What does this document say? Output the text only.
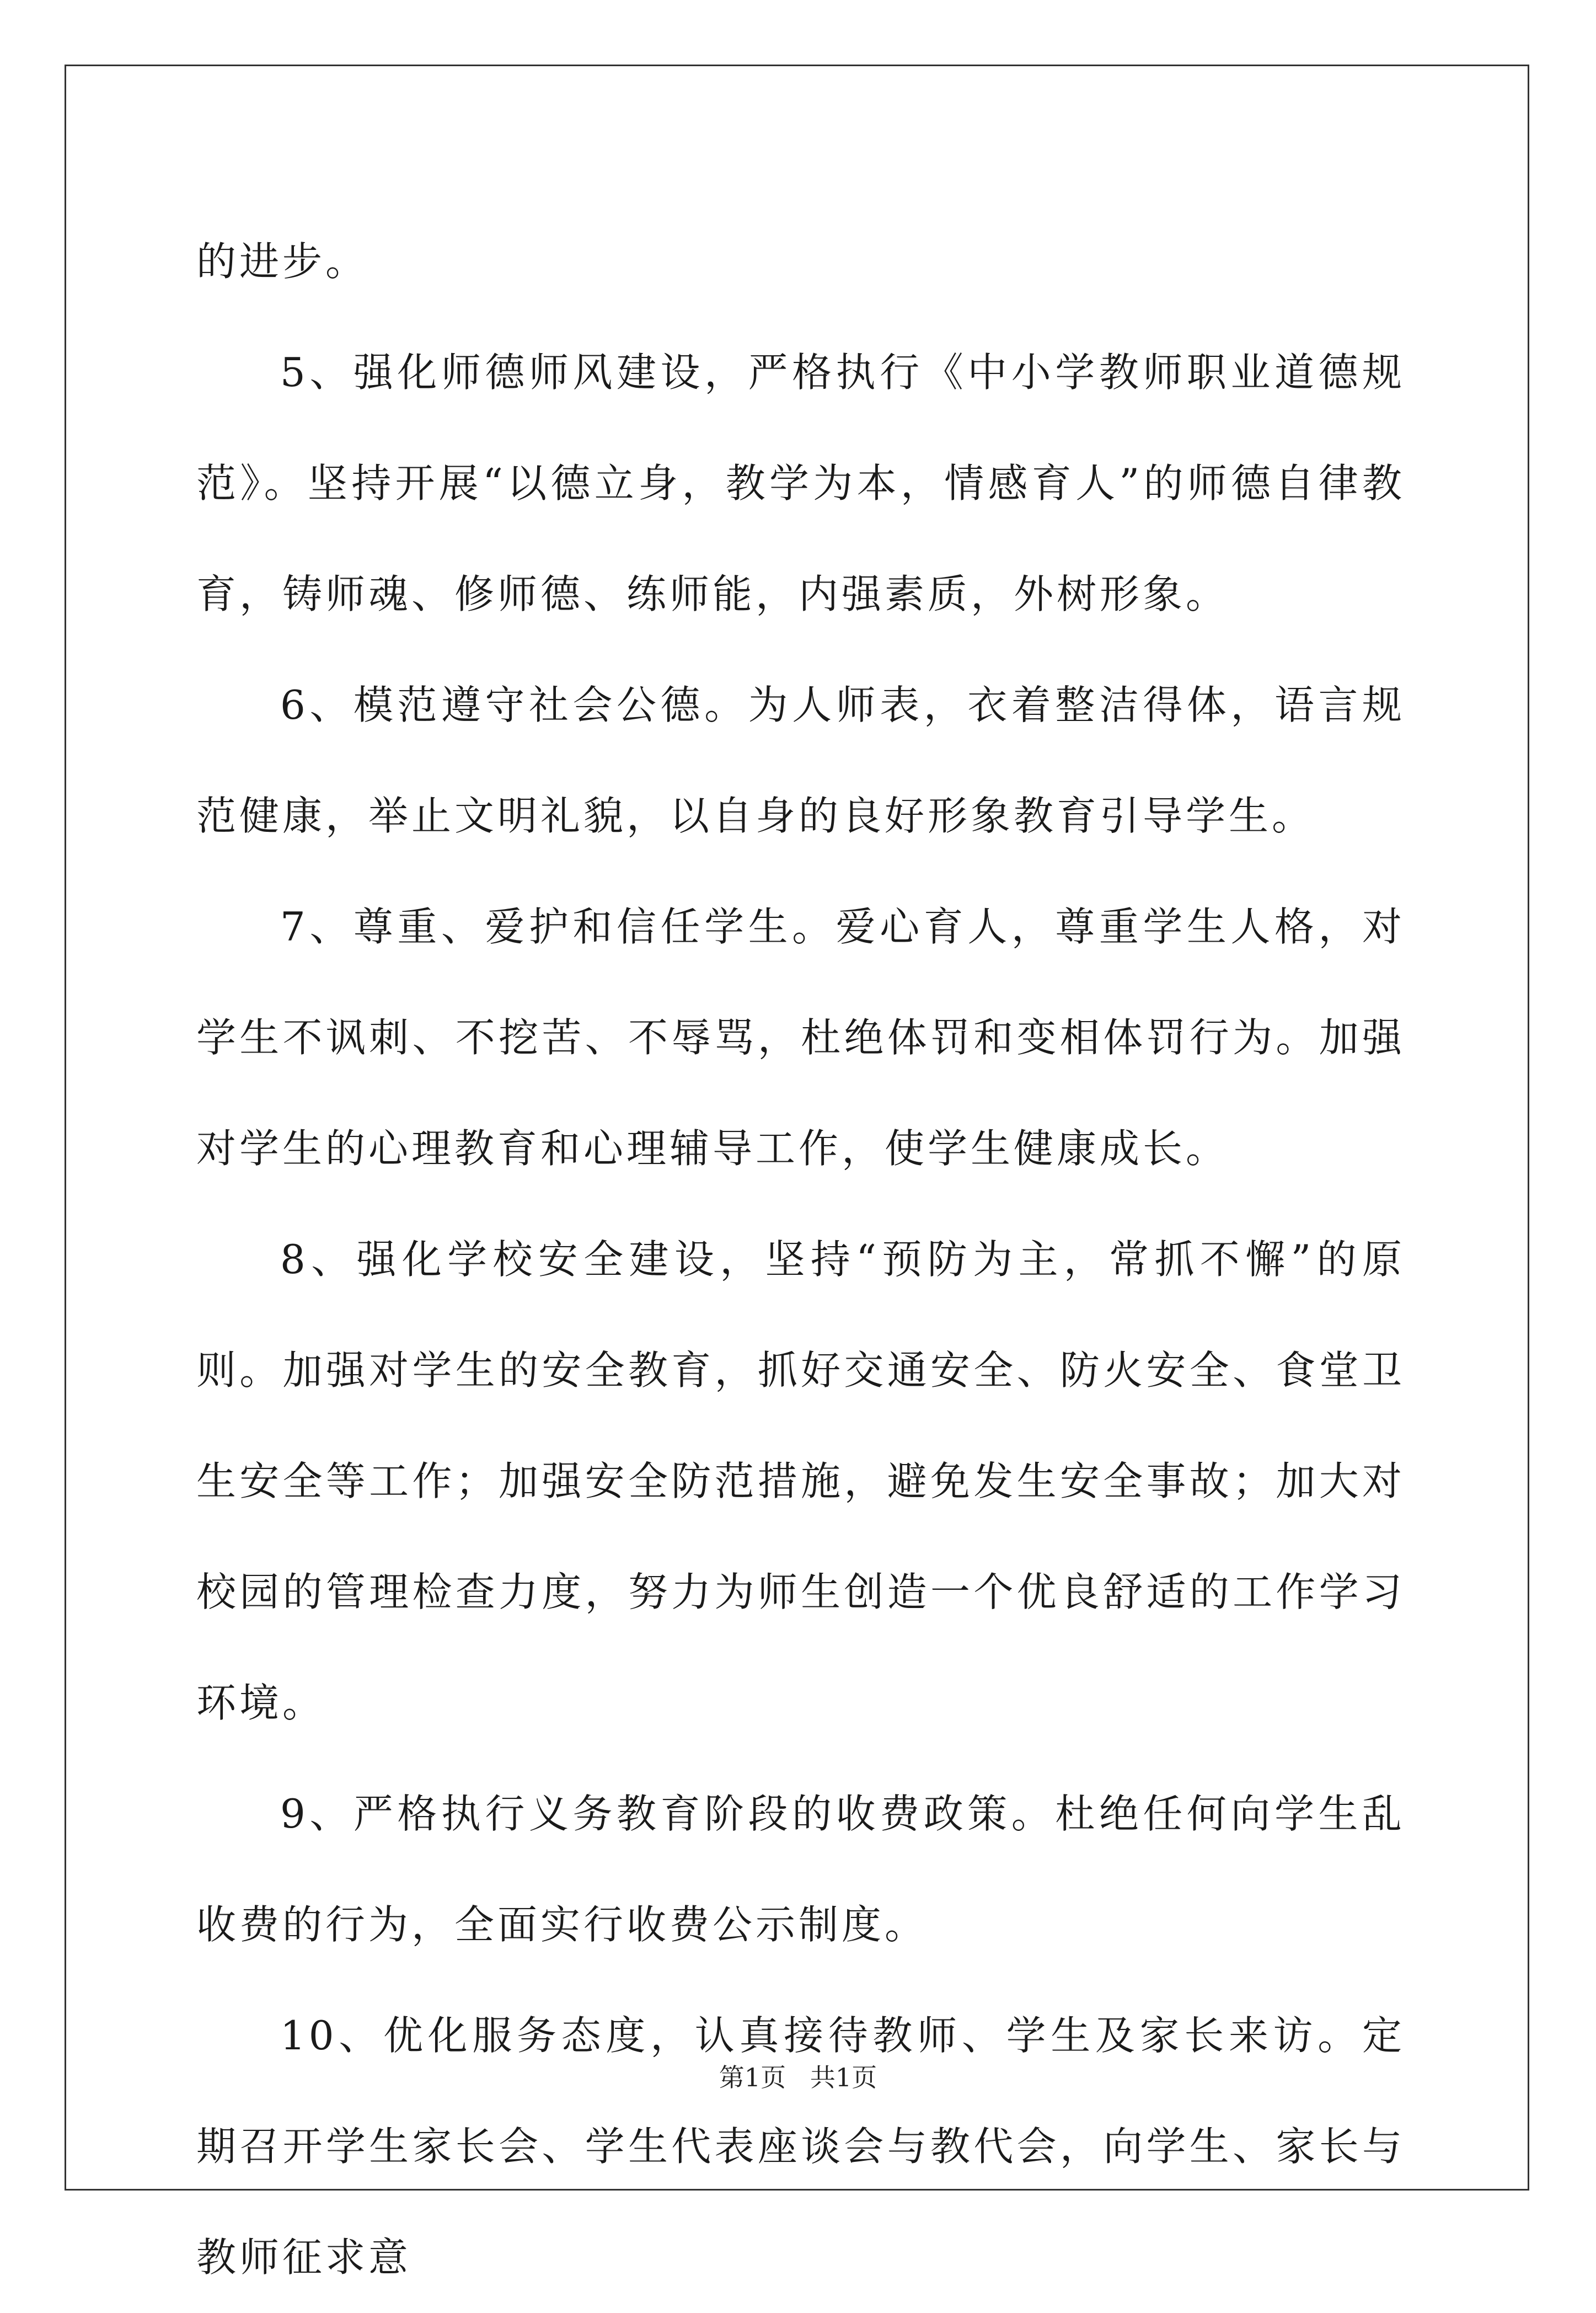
的进步。

5、强化师德师风建设，严格执行《中小学教师职业道德规范》。坚持开展“以德立身，教学为本，情感育人”的师德自律教育，铸师魂、修师德、练师能，内强素质，外树形象。

6、模范遵守社会公德。为人师表，衣着整洁得体，语言规范健康，举止文明礼貌，以自身的良好形象教育引导学生。

7、尊重、爱护和信任学生。爱心育人，尊重学生人格，对学生不讽刺、不挖苦、不辱骂，杜绝体罚和变相体罚行为。加强对学生的心理教育和心理辅导工作，使学生健康成长。

8、强化学校安全建设，坚持“预防为主，常抓不懈”的原则。加强对学生的安全教育，抓好交通安全、防火安全、食堂卫生安全等工作；加强安全防范措施，避免发生安全事故；加大对校园的管理检查力度，努力为师生创造一个优良舒适的工作学习环境。

9、严格执行义务教育阶段的收费政策。杜绝任何向学生乱收费的行为，全面实行收费公示制度。

10、优化服务态度，认真接待教师、学生及家长来访。定期召开学生家长会、学生代表座谈会与教代会，向学生、家长与教师征求意

第1页   共1页
